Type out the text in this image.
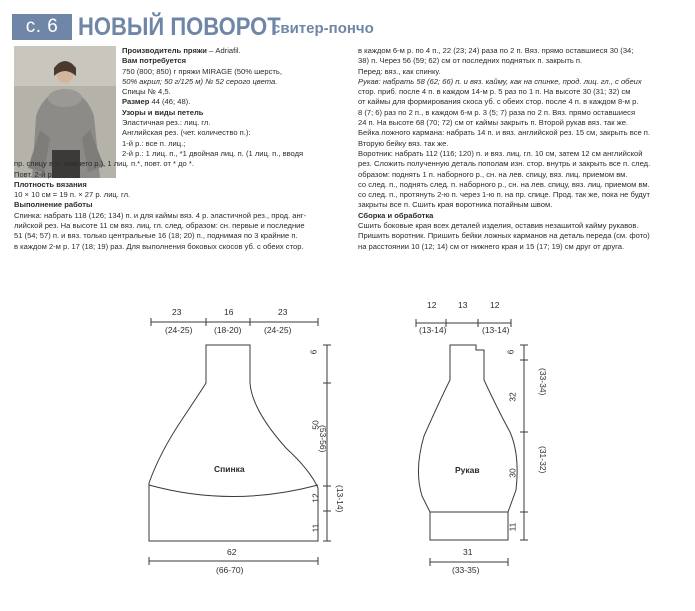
с. 6 НОВЫЙ ПОВОРОТ
свитер-пончо

Производитель пряжи – Adriafil.

Вам потребуется

750 (800; 850) г пряжи MIRAGE (50% шерсть,

50% акрил; 50 г/125 м) № 52 серого цвета.

Спицы № 4,5.

Размер 44 (46; 48).

Узоры и виды петель

Эластичная рез.: лиц. гл.

Английская рез. (чет. количество п.):

1-й р.: все п. лиц.;

2-й р.: 1 лиц. п., *1 двойная лиц. п. (1 лиц. п., вводя

пр. спицу в п. нижнего р.), 1 лиц. п.*, повт. от * до *.

Повт. 2-й р.

Плотность вязания

10 × 10 см = 19 п. × 27 р. лиц. гл.

Выполнение работы

Спинка: набрать 118 (126; 134) п. и для каймы вяз. 4 р. эластичной рез., прод. анг-

лийской рез. На высоте 11 см вяз. лиц. гл. след. образом: сн. первые и последние

51 (54; 57) п. и вяз. только центральные 16 (18; 20) п., поднимая по 3 крайние п.

в каждом 2-м р. 17 (18; 19) раз. Для выполнения боковых скосов уб. с обеих стор.

в каждом 6-м р. по 4 п., 22 (23; 24) раза по 2 п. Вяз. прямо оставшиеся 30 (34;

38) п. Через 56 (59; 62) см от последних поднятых п. закрыть п.

Перед: вяз., как спинку.

Рукав: набрать 58 (62; 66) п. и вяз. кайму, как на спинке, прод. лиц. гл., с обеих

стор. приб. после 4 п. в каждом 14-м р. 5 раз по 1 п. На высоте 30 (31; 32) см

от каймы для формирования скоса уб. с обеих стор. после 4 п. в каждом 8-м р.

8 (7; 6) раз по 2 п., в каждом 6-м р. 3 (5; 7) раза по 2 п. Вяз. прямо оставшиеся

24 п. На высоте 68 (70; 72) см от каймы закрыть п. Второй рукав вяз. так же.

Бейка ложного кармана: набрать 14 п. и вяз. английской рез. 15 см, закрыть все п.

Вторую бейку вяз. так же.

Воротник: набрать 112 (116; 120) п. и вяз. лиц. гл. 10 см, затем 12 см английской

рез. Сложить полученную деталь пополам изн. стор. внутрь и закрыть все п. след.

образом: поднять 1 п. наборного р., сн. на лев. спицу, вяз. лиц. приемом вм.

со след. п., поднять след. п. наборного р., сн. на лев. спицу, вяз. лиц. приемом вм.

со след. п., протянуть 2-ю п. через 1-ю п. на пр. спице. Прод. так же, пока не будут

закрыты все п. Сшить края воротника потайным швом.

Сборка и обработка

Сшить боковые края всех деталей изделия, оставив незашитой кайму рукавов.

Пришить воротник. Пришить бейки ложных карманов на деталь переда (см. фото)

на расстоянии 10 (12; 14) см от нижнего края и 15 (17; 19) см друг от друга.

Спинка
23	16	23
(24-25)	(18-20)	(24-25)
6
50
12
11
(53-56)
(13-14)
62
(66-70)
Рукав
12	13	12
(13-14)	(13-14)
6
32
30
11
(33-34)
(31-32)
31
(33-35)
